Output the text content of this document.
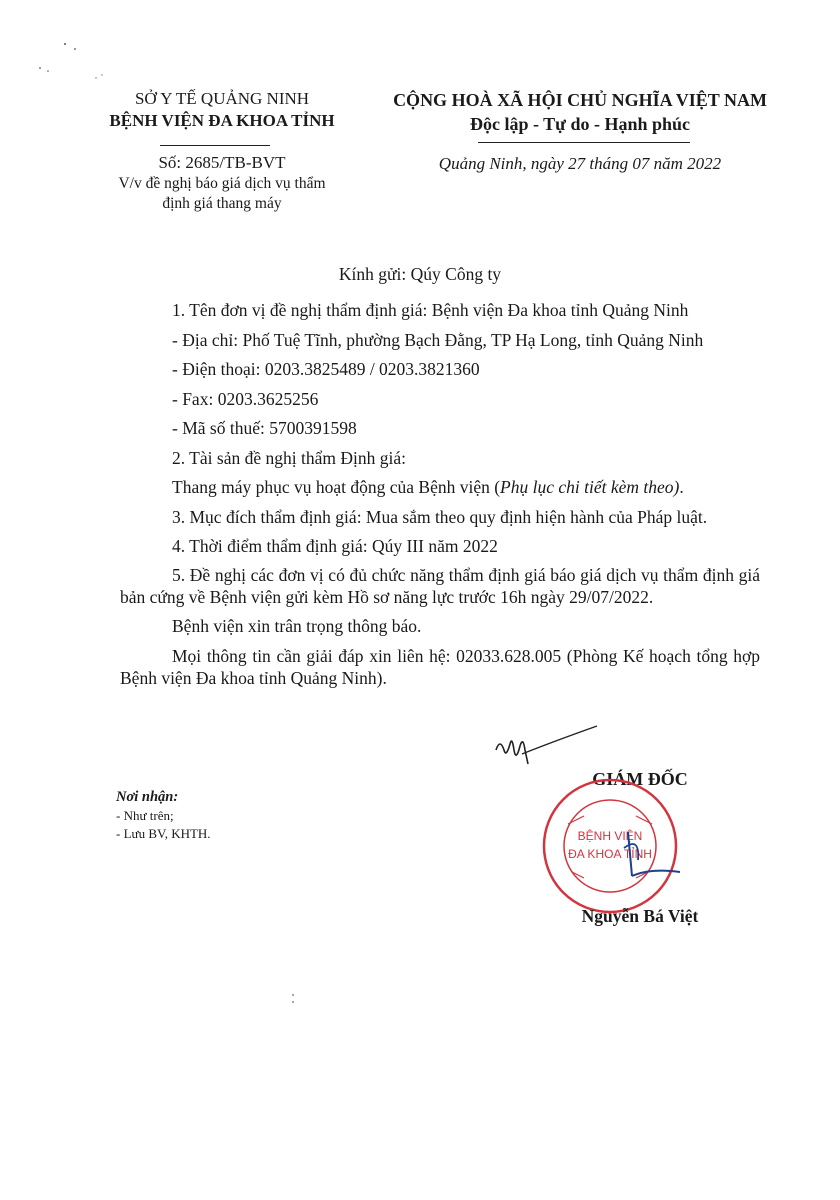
SỞ Y TẾ QUẢNG NINH
BỆNH VIỆN ĐA KHOA TỈNH
CỘNG HOÀ XÃ HỘI CHỦ NGHĨA VIỆT NAM
Độc lập - Tự do - Hạnh phúc
Số: 2685/TB-BVT
V/v đề nghị báo giá dịch vụ thẩm
định giá thang máy
Quảng Ninh, ngày 27 tháng 07 năm 2022
Kính gửi: Qúy Công ty

1. Tên đơn vị đề nghị thẩm định giá: Bệnh viện Đa khoa tỉnh Quảng Ninh

- Địa chỉ: Phố Tuệ Tĩnh, phường Bạch Đằng, TP Hạ Long, tỉnh Quảng Ninh

- Điện thoại: 0203.3825489 / 0203.3821360

- Fax: 0203.3625256

- Mã số thuế: 5700391598

2. Tài sản đề nghị thẩm Định giá:

Thang máy phục vụ hoạt động của Bệnh viện (Phụ lục chi tiết kèm theo).

3. Mục đích thẩm định giá: Mua sắm theo quy định hiện hành của Pháp luật.

4. Thời điểm thẩm định giá: Qúy III năm 2022

5. Đề nghị các đơn vị có đủ chức năng thẩm định giá báo giá dịch vụ thẩm định giá bản cứng về Bệnh viện gửi kèm Hồ sơ năng lực trước 16h ngày 29/07/2022.

Bệnh viện xin trân trọng thông báo.

Mọi thông tin cần giải đáp xin liên hệ: 02033.628.005 (Phòng Kế hoạch tổng hợp Bệnh viện Đa khoa tỉnh Quảng Ninh).

Nơi nhận:
- Như trên;
- Lưu BV, KHTH.
GIÁM ĐỐC
BỆNH VIỆN
ĐA KHOA TỈNH
Nguyễn Bá Việt
